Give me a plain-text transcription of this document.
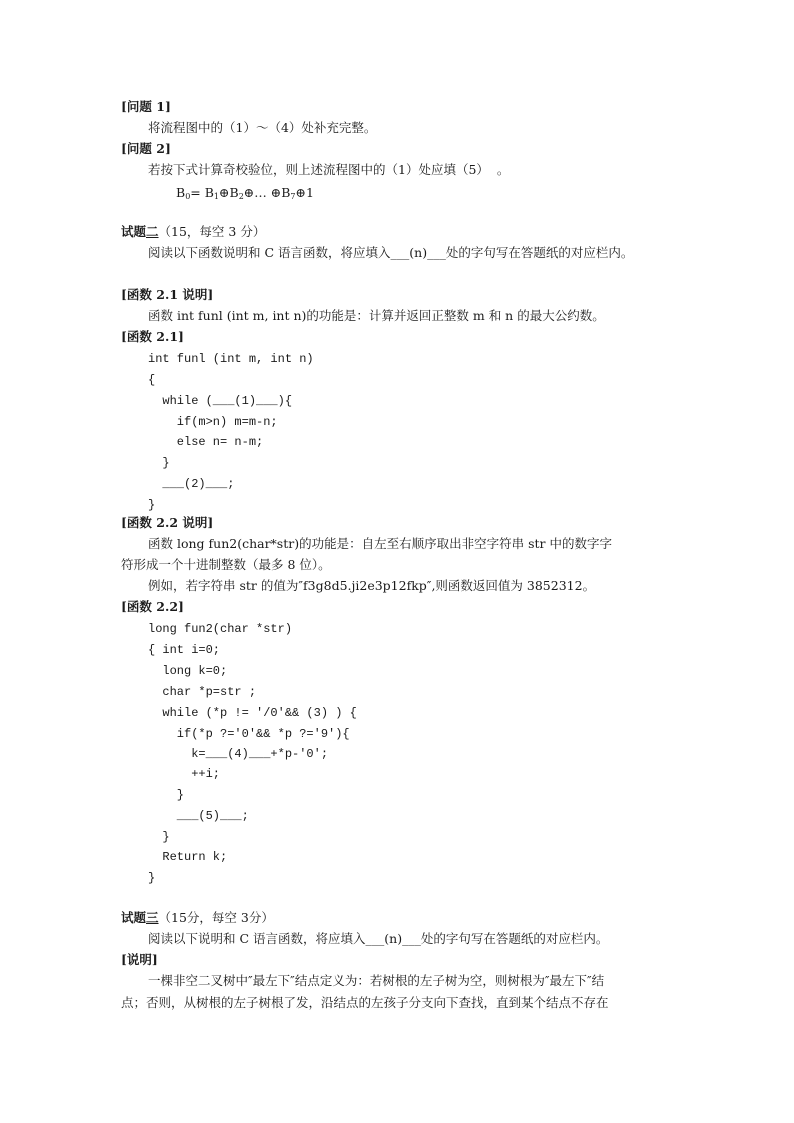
[问题 1]
将流程图中的（1）～（4）处补充完整。
[问题 2]
若按下式计算奇校验位，则上述流程图中的（1）处应填（5）  。
$B_0=$ $B_1\oplus B_2\oplus\dots$ $\oplus B_7\oplus 1$
试题二（15，每空 3 分）
阅读以下函数说明和 C 语言函数，将应填入___(n)___处的字句写在答题纸的对应栏内。
[函数 2.1 说明]
函数 int funl (int m, int n)的功能是：计算并返回正整数 m 和 n 的最大公约数。
[函数 2.1]
int funl (int m, int n)
{
while (___(1)___){
if(m>n) m=m-n;
else n= n-m;
}
___(2)___;
}
[函数 2.2 说明]
函数 long fun2(char*str)的功能是：自左至右顺序取出非空字符串 str 中的数字字
符形成一个十进制整数（最多 8 位）。
例如，若字符串 str 的值为″f3g8d5.ji2e3p12fkp″,则函数返回值为 3852312。
[函数 2.2]
long fun2(char *str)
{ int i=0;
long k=0;
char *p=str ;
while (*p != '/0'&& (3) ) {
if(*p ?='0'&& *p ?='9'){
k=___(4)___+*p-'0';
++i;
}
___(5)___;
}
Return k;
}
试题三（15分，每空 3分）
阅读以下说明和 C 语言函数，将应填入___(n)___处的字句写在答题纸的对应栏内。
[说明]
一棵非空二叉树中″最左下″结点定义为：若树根的左子树为空，则树根为″最左下″结
点；否则，从树根的左子树根了发，沿结点的左孩子分支向下查找，直到某个结点不存在
